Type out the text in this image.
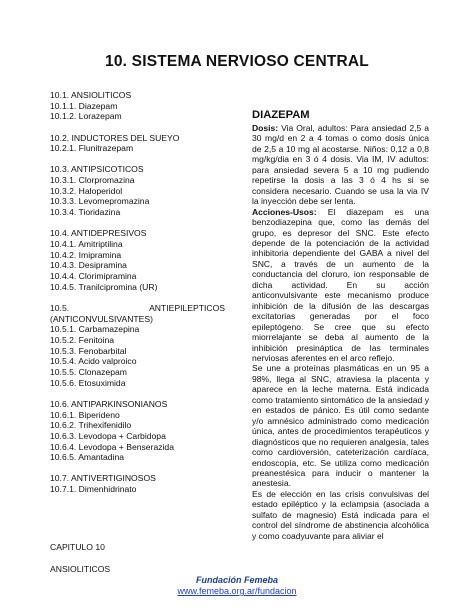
10. SISTEMA NERVIOSO CENTRAL
10.1. ANSIOLITICOS
10.1.1. Diazepam
10.1.2. Lorazepam
10.2. INDUCTORES DEL SUEYO
10.2.1. Flunitrazepam
10.3. ANTIPSICOTICOS
10.3.1. Clorpromazina
10.3.2. Haloperidol
10.3.3. Levomepromazina
10.3.4. Tioridazina
10.4. ANTIDEPRESIVOS
10.4.1. Amitriptilina
10.4.2. Imipramina
10.4.3. Desipramina
10.4.4. Clorimipramina
10.4.5. Tranilcipromina (UR)
10.5.	ANTIEPILEPTICOS
(ANTICONVULSIVANTES)
10.5.1. Carbamazepina
10.5.2. Fenitoina
10.5.3. Fenobarbital
10.5.4. Acido valproico
10.5.5. Clonazepam
10.5.6. Etosuximida
10.6. ANTIPARKINSONIANOS
10.6.1. Biperideno
10.6.2. Trihexifenidilo
10.6.3. Levodopa + Carbidopa
10.6.4. Levodopa + Benserazida
10.6.5. Amantadina
10.7. ANTIVERTIGINOSOS
10.7.1. Dimenhidrinato
CAPITULO 10
ANSIOLITICOS
DIAZEPAM

Dosis: Via Oral, adultos: Para ansiedad 2,5 a 30 mg/d en 2 a 4 tomas o como dosis única de 2,5 a 10 mg al acostarse. Niños: 0,12 a 0,8 mg/kg/dia en 3 ó 4 dosis. Via IM, IV adultos: para ansiedad severa 5 a 10 mg pudiendo repetirse la dosis a las 3 ó 4 hs si se considera necesario. Cuando se usa la via IV la inyección debe ser lenta.

Acciones-Usos: El diazepam es una benzodiazepina que, como las demás del grupo, es depresor del SNC. Este efecto depende de la potenciación de la actividad inhibitoria dependiente del GABA a nivel del SNC, a través de un aumento de la conductancia del cloruro, ion responsable de dicha actividad. En su acción anticonvulsivante este mecanismo produce inhibición de la difusión de las descargas excitatorias generadas por el foco epileptógeno. Se cree que su efecto miorrelajante se deba al aumento de la inhibición presináptica de las terminales nerviosas aferentes en el arco reflejo.

Se une a proteínas plasmáticas en un 95 a 98%, llega al SNC, atraviesa la placenta y aparece en la leche materna. Está indicada como tratamiento sintomático de la ansiedad y en estados de pánico. Es útil como sedante y/o amnésico administrado como medicación única, antes de procedimientos terapéuticos y diagnósticos que no requieren analgesia, tales como cardioversión, cateterización cardíaca, endoscopía, etc. Se utiliza como medicación preanestésica para inducir o mantener la anestesia.

Es de elección en las crisis convulsivas del estado epiléptico y la eclampsia (asociada a sulfato de magnesio) Está indicada para el control del síndrome de abstinencia alcohólica y como coadyuvante para aliviar el

Fundación Femeba
www.femeba.org.ar/fundacion
